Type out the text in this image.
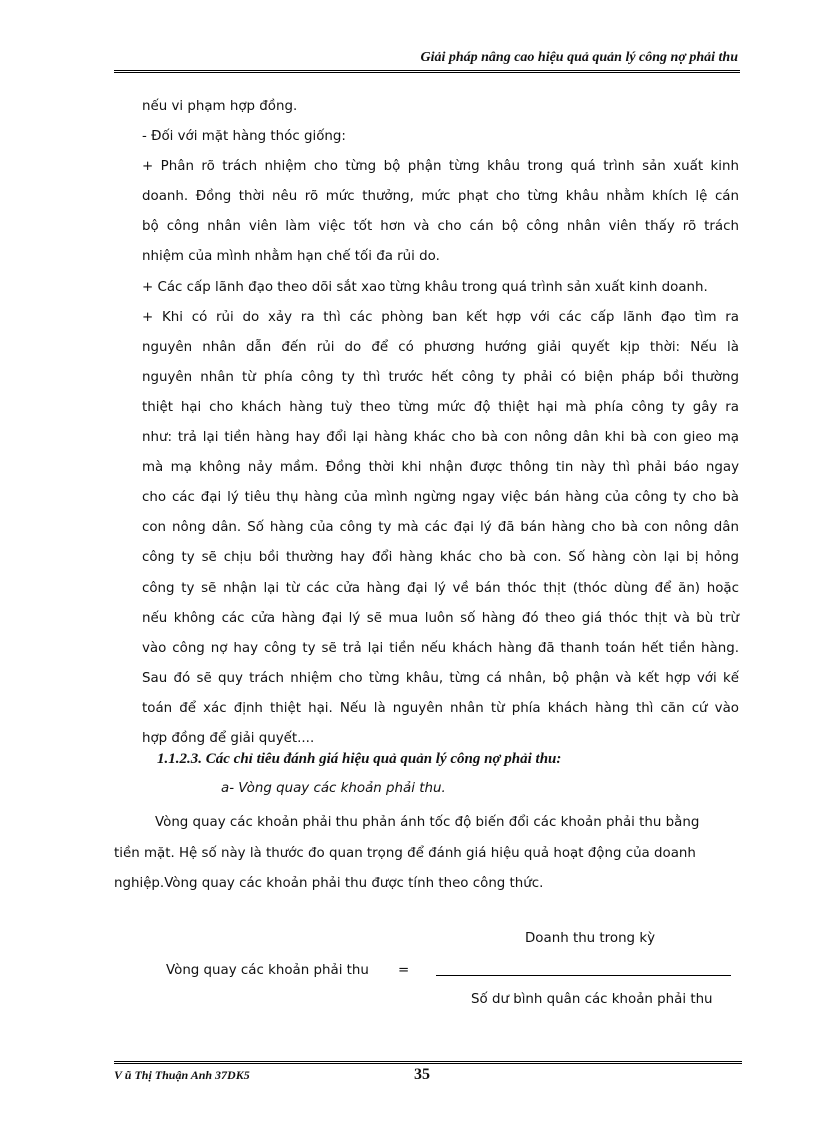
Giải pháp nâng cao hiệu quả quản lý công nợ phải thu
nếu vi phạm hợp đồng.
- Đối với mặt hàng thóc giống:
+ Phân rõ trách nhiệm cho từng bộ phận từng khâu trong quá trình sản xuất kinh
doanh. Đồng thời nêu rõ mức thưởng, mức phạt cho từng khâu nhằm khích lệ cán
bộ công nhân viên làm việc tốt hơn và cho cán bộ công nhân viên thấy rõ trách
nhiệm của mình nhằm hạn chế tối đa rủi do.
+ Các cấp lãnh đạo theo dõi sắt xao từng khâu trong quá trình sản xuất kinh doanh.
+ Khi có rủi do xảy ra thì các phòng ban kết hợp với các cấp lãnh đạo tìm ra
nguyên nhân dẫn đến rủi do để có phương hướng giải quyết kịp thời: Nếu là
nguyên nhân từ phía công ty thì trước hết công ty phải có biện pháp bồi thường
thiệt hại cho khách hàng tuỳ theo từng mức độ thiệt hại mà phía công ty gây ra
như: trả lại tiền hàng hay đổi lại hàng khác cho bà con nông dân khi bà con gieo mạ
mà mạ không nảy mầm. Đồng thời khi nhận được thông tin này thì phải báo ngay
cho các đại lý tiêu thụ hàng của mình ngừng ngay việc bán hàng của công ty cho bà
con nông dân. Số hàng của công ty mà các đại lý đã bán hàng cho bà con nông dân
công ty sẽ chịu bồi thường hay đổi hàng khác cho bà con. Số hàng còn lại bị hỏng
công ty sẽ nhận lại từ các cửa hàng đại lý về bán thóc thịt (thóc dùng để ăn) hoặc
nếu không các cửa hàng đại lý sẽ mua luôn số hàng đó theo giá thóc thịt và bù trừ
vào công nợ hay công ty sẽ trả lại tiền nếu khách hàng đã thanh toán hết tiền hàng.
Sau đó sẽ quy trách nhiệm cho từng khâu, từng cá nhân, bộ phận và kết hợp với kế
toán để xác định thiệt hại. Nếu là nguyên nhân từ phía khách hàng thì căn cứ vào
hợp đồng để giải quyết....
1.1.2.3. Các chỉ tiêu đánh giá hiệu quả quản lý công nợ phải thu:
a- Vòng quay các khoản phải thu.
Vòng quay các khoản phải thu phản ánh tốc độ biến đổi các khoản phải thu bằng
tiền mặt. Hệ số này là thước đo quan trọng để đánh giá hiệu quả hoạt động của doanh
nghiệp.Vòng quay các khoản phải thu được tính theo công thức.
Doanh thu trong kỳ
Vòng quay các khoản phải thu =
Số dư bình quân các khoản phải thu
V ũ Thị Thuận Anh 37DK5	35
